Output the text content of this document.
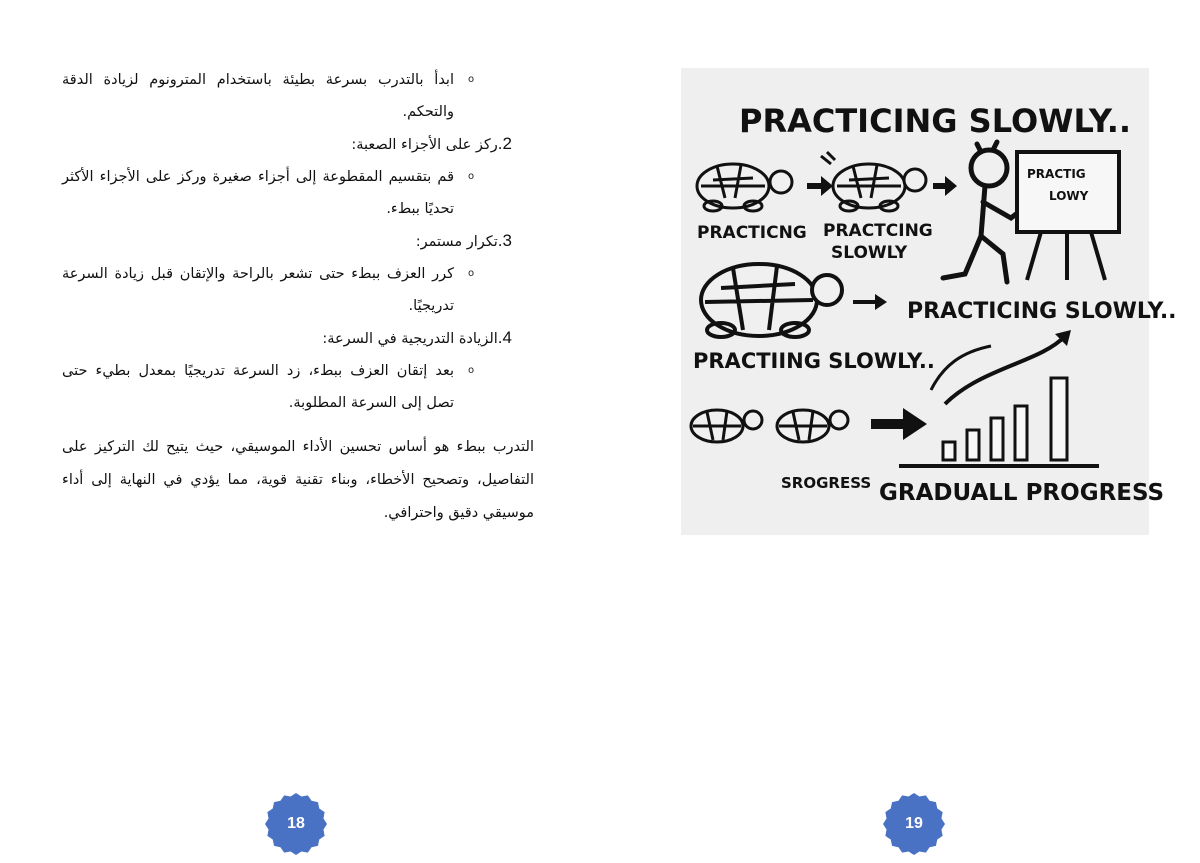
o
ابدأ بالتدرب بسرعة بطيئة باستخدام المترونوم لزيادة الدقة والتحكم.
2.ركز على الأجزاء الصعبة:
o
قم بتقسيم المقطوعة إلى أجزاء صغيرة وركز على الأجزاء الأكثر تحديًا ببطء.
3.تكرار مستمر:
o
كرر العزف ببطء حتى تشعر بالراحة والإتقان قبل زيادة السرعة تدريجيًا.
4.الزيادة التدريجية في السرعة:
o
بعد إتقان العزف ببطء، زد السرعة تدريجيًا بمعدل بطيء حتى تصل إلى السرعة المطلوبة.

التدرب ببطء هو أساس تحسين الأداء الموسيقي، حيث يتيح لك التركيز على التفاصيل، وتصحيح الأخطاء، وبناء تقنية قوية، مما يؤدي في النهاية إلى أداء موسيقي دقيق واحترافي.

18
PRACTICING SLOWLY..
PRACTICNG PRACTCING
SLOWLY
PRACTIG
LOWY
PRACTICING SLOWLY..
PRACTIING SLOWLY..
SROGRESS GRADUALL PROGRESS
19
